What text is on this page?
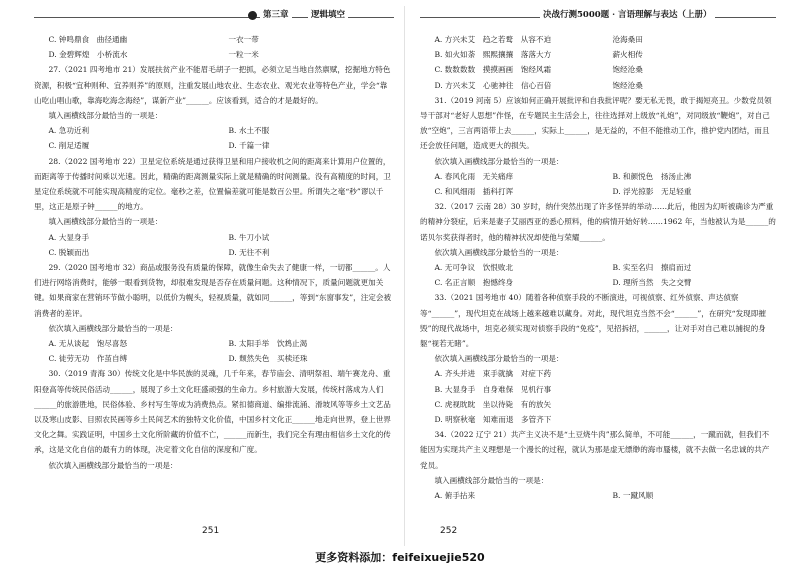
第三章	逻辑填空
C. 钟鸣鼎食　曲径通幽	一衣一带
D. 金碧辉煌　小桥流水	一粒一米

27.（2021 四考地市 21）发展扶贫产业不能眉毛胡子一把抓，必须立足当地自然禀赋，挖掘地方特色资源，积极“宜种则种、宜养则养”的原则，注重发展山地农业、生态农业、观光农业等特色产业，学会“靠山吃山唱山歌，靠海吃海念海经”，谋新产业”______。应该看到，适合的才是最好的。

填入画横线部分最恰当的一项是：

A. 急功近利	B. 水土不服
C. 削足适履	D. 千篇一律

28.（2022 国考地市 22）卫星定位系统是通过获得卫星和用户接收机之间的距离来计算用户位置的，而距离等于传播时间乘以光速。因此，精确的距离测量实际上就是精确的时间测量。没有高精度的时间，卫星定位系统就不可能实现高精度的定位。毫秒之差，位置偏差就可能是数百公里。所谓失之毫“秒”谬以千里，这正是原子钟______的地方。

填入画横线部分最恰当的一项是：

A. 大显身手	B. 牛刀小试
C. 脱颖而出	D. 无往不利

29.（2020 国考地市 32）商品或服务没有质量的保障，就像生命失去了健康一样，一切都______。人们进行网络消费时，能够一眼看到货物，却很难发现是否存在质量问题。这种情况下，质量问题就更加关键。如果商家在营销环节做小聪明，以低价为幌头，轻视质量，就如同______，等到“东窗事发”，注定会被消费者的差评。

依次填入画横线部分最恰当的一项是：

A. 无从谈起　饱尽喜怒	B. 太阳手举　饮鸩止渴
C. 徒劳无功　作茧自缚	D. 颓然失色　买椟还珠

30.（2019 青海 30）传统文化是中华民族的灵魂，几千年来，春节庙会、清明祭祖、端午赛龙舟、重阳登高等传统民俗活动______，展现了乡土文化旺盛顽强的生命力。乡村旅游大发展，传统村落成为人们______的旅游胜地，民俗体验、乡村写生等成为消费热点。紧扣德商道、编排流涌、滑坡风等等乡土文艺品以及寒山皮影、目照农民画等乡土民间艺术的独特文化价值，中国乡村文化正______地走向世界，登上世界文化之舞。实践证明，中国乡土文化所阶藏的价值不亡，______而新生，我们完全有理由相信乡土文化的传承，这是文化自信的最有力的体现，决定着文化自信的深度和广度。

依次填入画横线部分最恰当的一项是：

251
决战行测5000题 · 言语理解与表达（上册）
A. 方兴未艾　趋之若鹜　从容不迫	沧海桑田
B. 如火如荼　熙熙攘攘　落落大方	薪火相传
C. 数数数数　摸摸画画　饱经风霜	饱经沧桑
D. 方兴未艾　心驰神往　信心百倍	饱经沧桑

31.（2019 河南 5）应该如何正确开展批评和自我批评呢？要无私无畏，敢于揭短亮丑。少数党员领导干部对“老好人思想”作怪，在专题民主生活会上，往往选择对上级放“礼炮”，对同级放“鞭炮”，对自己放“空炮”，三言两语带上去______，实际上______，是无益的，不但不能推动工作，推护党内团结，而且还会放任问题，造成更大的损失。

依次填入画横线部分最恰当的一项是：

A. 春风化雨　无关痛痒	B. 和颜悦色　扬汤止沸
C. 和风细雨　插科打诨	D. 浮光掠影　无足轻重

32.（2017 云南 28）30 岁时，纳什突然出现了许多怪异的举动……此后，他因为幻听被确诊为严重的精神分裂症，后来是妻子艾丽西亚的悉心照料，他的病情开始好转……1962 年，当他被认为是______的诺贝尔奖获得者时，他的精神状况却使他与荣耀______。

依次填入画横线部分最恰当的一项是：

A. 无可争议　饮恨败北	B. 实至名归　擦肩而过
C. 名正言顺　抱憾终身	D. 理所当然　失之交臂

33.（2021 国考地市 40）随着各种侦察手段的不断演进，可视侦察、红外侦察、声达侦察等“______”，现代坦克在战场上越来越难以藏身。对此，现代坦克当然不会“______”，在研究“发现即摧毁”的现代战场中，坦克必须实现对侦察手段的“免疫”，见招拆招，______，让对手对自己难以捕捉的身躯“视若无睹”。

依次填入画横线部分最恰当的一项是：

A. 齐头并进　束手就擒　对症下药
B. 大显身手　自身难保　见机行事
C. 虎视眈眈　坐以待毙　有的放矢
D. 明察秋毫　知难而退　多管齐下

34.（2022 辽宁 21）共产主义决不是“土豆烧牛肉”那么简单，不可能______，一蹴而就，但我们不能因为实现共产主义理想是一个漫长的过程，就认为那是虚无缥缈的海市蜃楼，就不去做一名忠诚的共产党员。

填入画横线部分最恰当的一项是：

A. 俯手拈来	B. 一蹴风顺
252
更多资料添加：feifeixuejie520
